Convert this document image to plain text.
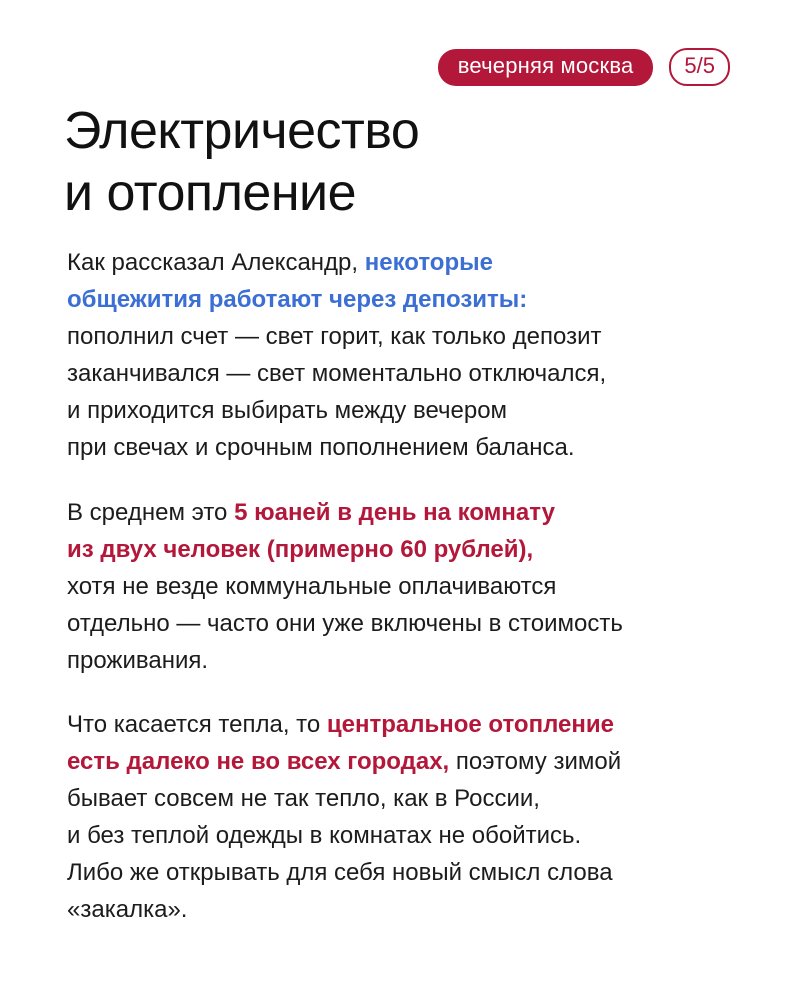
вечерняя москва	5/5
Электричество
и отопление

Как рассказал Александр, некоторые
общежития работают через депозиты:
пополнил счет — свет горит, как только депозит
заканчивался — свет моментально отключался,
и приходится выбирать между вечером
при свечах и срочным пополнением баланса.

В среднем это 5 юаней в день на комнату
из двух человек (примерно 60 рублей),
хотя не везде коммунальные оплачиваются
отдельно — часто они уже включены в стоимость
проживания.

Что касается тепла, то центральное отопление
есть далеко не во всех городах, поэтому зимой
бывает совсем не так тепло, как в России,
и без теплой одежды в комнатах не обойтись.
Либо же открывать для себя новый смысл слова
«закалка».
